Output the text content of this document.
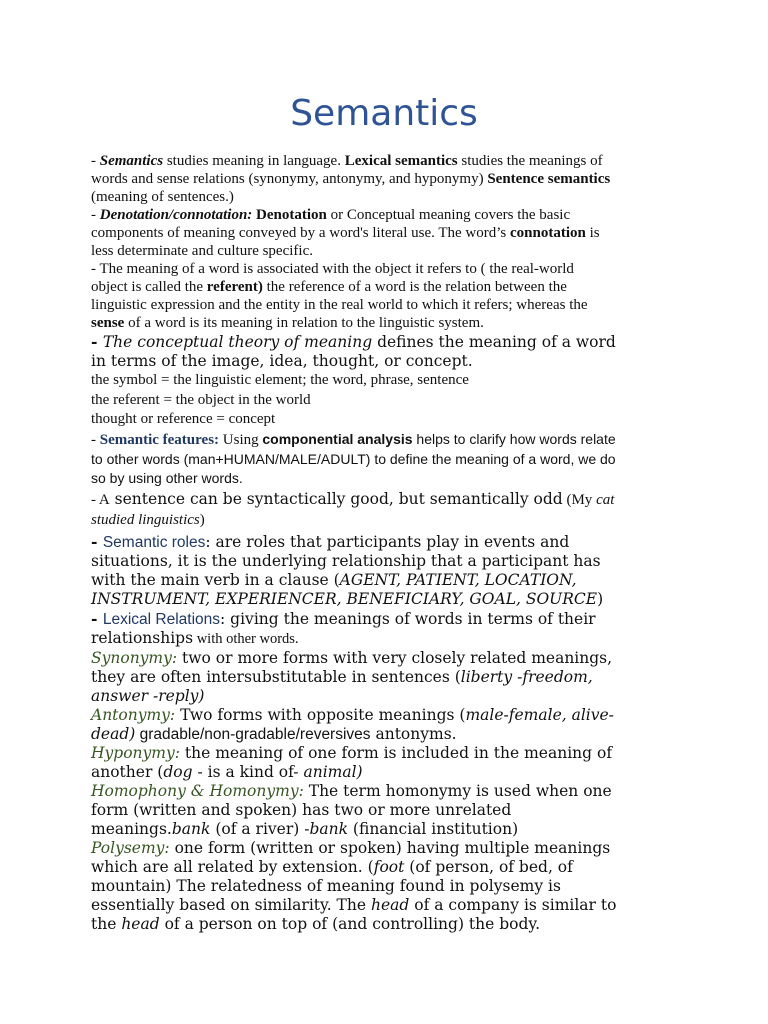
Semantics
- Semantics studies meaning in language. Lexical semantics studies the meanings of
words and sense relations (synonymy, antonymy, and hyponymy) Sentence semantics
(meaning of sentences.)
- Denotation/connotation: Denotation or Conceptual meaning covers the basic
components of meaning conveyed by a word's literal use. The word’s connotation is
less determinate and culture specific.
- The meaning of a word is associated with the object it refers to ( the real-world
object is called the referent) the reference of a word is the relation between the
linguistic expression and the entity in the real world to which it refers; whereas the
sense of a word is its meaning in relation to the linguistic system.
- The conceptual theory of meaning defines the meaning of a word
in terms of the image, idea, thought, or concept.
the symbol = the linguistic element; the word, phrase, sentence
the referent = the object in the world
thought or reference = concept
- Semantic features: Using componential analysis helps to clarify how words relate
to other words (man+HUMAN/MALE/ADULT) to define the meaning of a word, we do
so by using other words.
- A sentence can be syntactically good, but semantically odd (My cat
studied linguistics)
- Semantic roles: are roles that participants play in events and
situations, it is the underlying relationship that a participant has
with the main verb in a clause (AGENT, PATIENT, LOCATION,
INSTRUMENT, EXPERIENCER, BENEFICIARY, GOAL, SOURCE)
- Lexical Relations: giving the meanings of words in terms of their
relationships with other words.
Synonymy: two or more forms with very closely related meanings,
they are often intersubstitutable in sentences (liberty -freedom,
answer -reply)
Antonymy: Two forms with opposite meanings (male-female, alive-
dead) gradable/non-gradable/reversives antonyms.
Hyponymy: the meaning of one form is included in the meaning of
another (dog - is a kind of- animal)
Homophony & Homonymy: The term homonymy is used when one
form (written and spoken) has two or more unrelated
meanings.bank (of a river) -bank (financial institution)
Polysemy: one form (written or spoken) having multiple meanings
which are all related by extension. (foot (of person, of bed, of
mountain) The relatedness of meaning found in polysemy is
essentially based on similarity. The head of a company is similar to
the head of a person on top of (and controlling) the body.
